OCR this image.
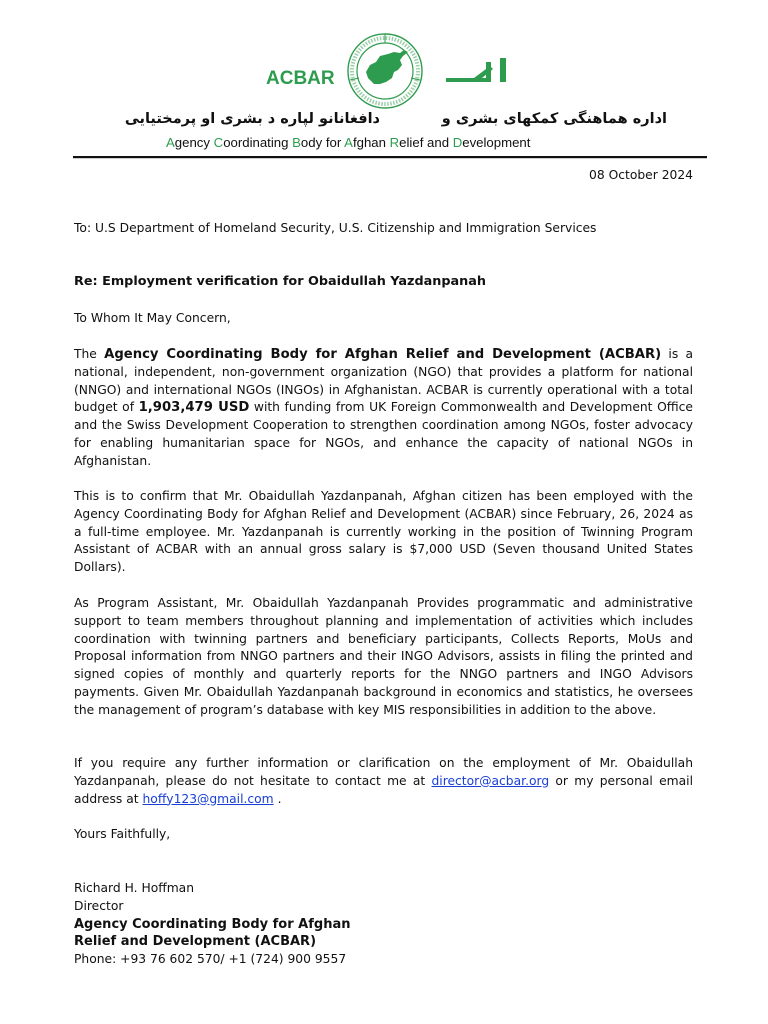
ACBAR
اداره هماهنگی کمکهای بشری و
دافغانانو لپاره د بشری او پرمختیایی
Agency Coordinating Body for Afghan Relief and Development
08 October 2024
To: U.S Department of Homeland Security, U.S. Citizenship and Immigration Services
Re: Employment verification for Obaidullah Yazdanpanah
To Whom It May Concern,
The Agency Coordinating Body for Afghan Relief and Development (ACBAR) is a national, independent, non-government organization (NGO) that provides a platform for national (NNGO) and international NGOs (INGOs) in Afghanistan. ACBAR is currently operational with a total budget of 1,903,479 USD with funding from UK Foreign Commonwealth and Development Office and the Swiss Development Cooperation to strengthen coordination among NGOs, foster advocacy for enabling humanitarian space for NGOs, and enhance the capacity of national NGOs in Afghanistan.
This is to confirm that Mr. Obaidullah Yazdanpanah, Afghan citizen has been employed with the Agency Coordinating Body for Afghan Relief and Development (ACBAR) since February, 26, 2024 as a full-time employee. Mr. Yazdanpanah is currently working in the position of Twinning Program Assistant of ACBAR with an annual gross salary is $7,000 USD (Seven thousand United States Dollars).
As Program Assistant, Mr. Obaidullah Yazdanpanah Provides programmatic and administrative support to team members throughout planning and implementation of activities which includes coordination with twinning partners and beneficiary participants, Collects Reports, MoUs and Proposal information from NNGO partners and their INGO Advisors, assists in filing the printed and signed copies of monthly and quarterly reports for the NNGO partners and INGO Advisors payments. Given Mr. Obaidullah Yazdanpanah background in economics and statistics, he oversees the management of program’s database with key MIS responsibilities in addition to the above.
If you require any further information or clarification on the employment of Mr. Obaidullah Yazdanpanah, please do not hesitate to contact me at director@acbar.org or my personal email address at hoffy123@gmail.com .
Yours Faithfully,
Richard H. Hoffman
Director
Agency Coordinating Body for Afghan
Relief and Development (ACBAR)
Phone: +93 76 602 570/ +1 (724) 900 9557
